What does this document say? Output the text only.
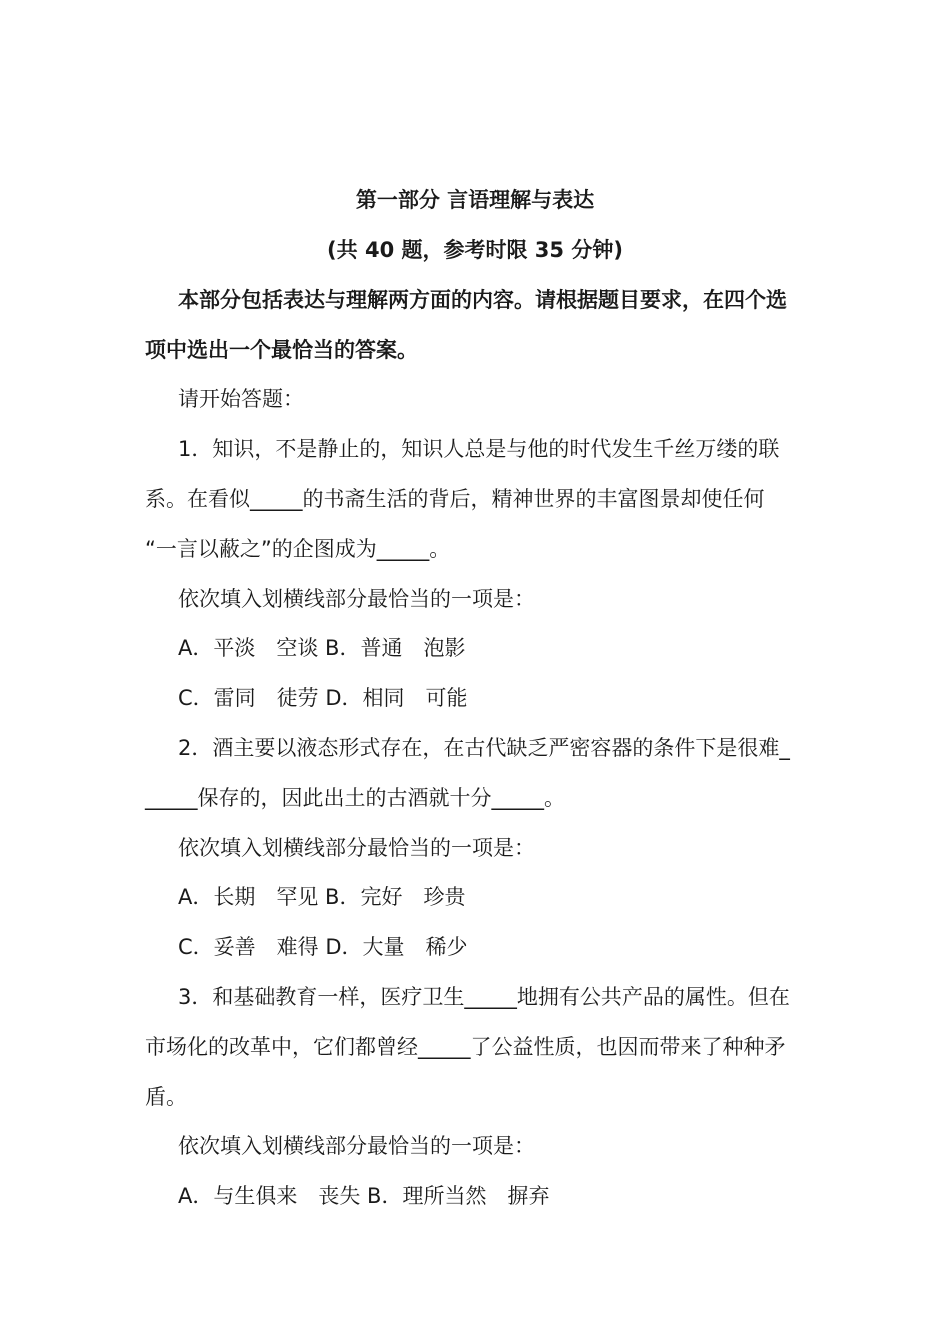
第一部分 言语理解与表达
(共 40 题，参考时限 35 分钟)
本部分包括表达与理解两方面的内容。请根据题目要求，在四个选
项中选出一个最恰当的答案。
请开始答题：
1．知识，不是静止的，知识人总是与他的时代发生千丝万缕的联
系。在看似_____的书斋生活的背后，精神世界的丰富图景却使任何
“一言以蔽之”的企图成为_____。
依次填入划横线部分最恰当的一项是：
A．平淡　空谈 B．普通　泡影
C．雷同　徒劳 D．相同　可能
2．酒主要以液态形式存在，在古代缺乏严密容器的条件下是很难_
_____保存的，因此出土的古酒就十分_____。
依次填入划横线部分最恰当的一项是：
A．长期　罕见 B．完好　珍贵
C．妥善　难得 D．大量　稀少
3．和基础教育一样，医疗卫生_____地拥有公共产品的属性。但在
市场化的改革中，它们都曾经_____了公益性质，也因而带来了种种矛
盾。
依次填入划横线部分最恰当的一项是：
A．与生俱来　丧失 B．理所当然　摒弃
